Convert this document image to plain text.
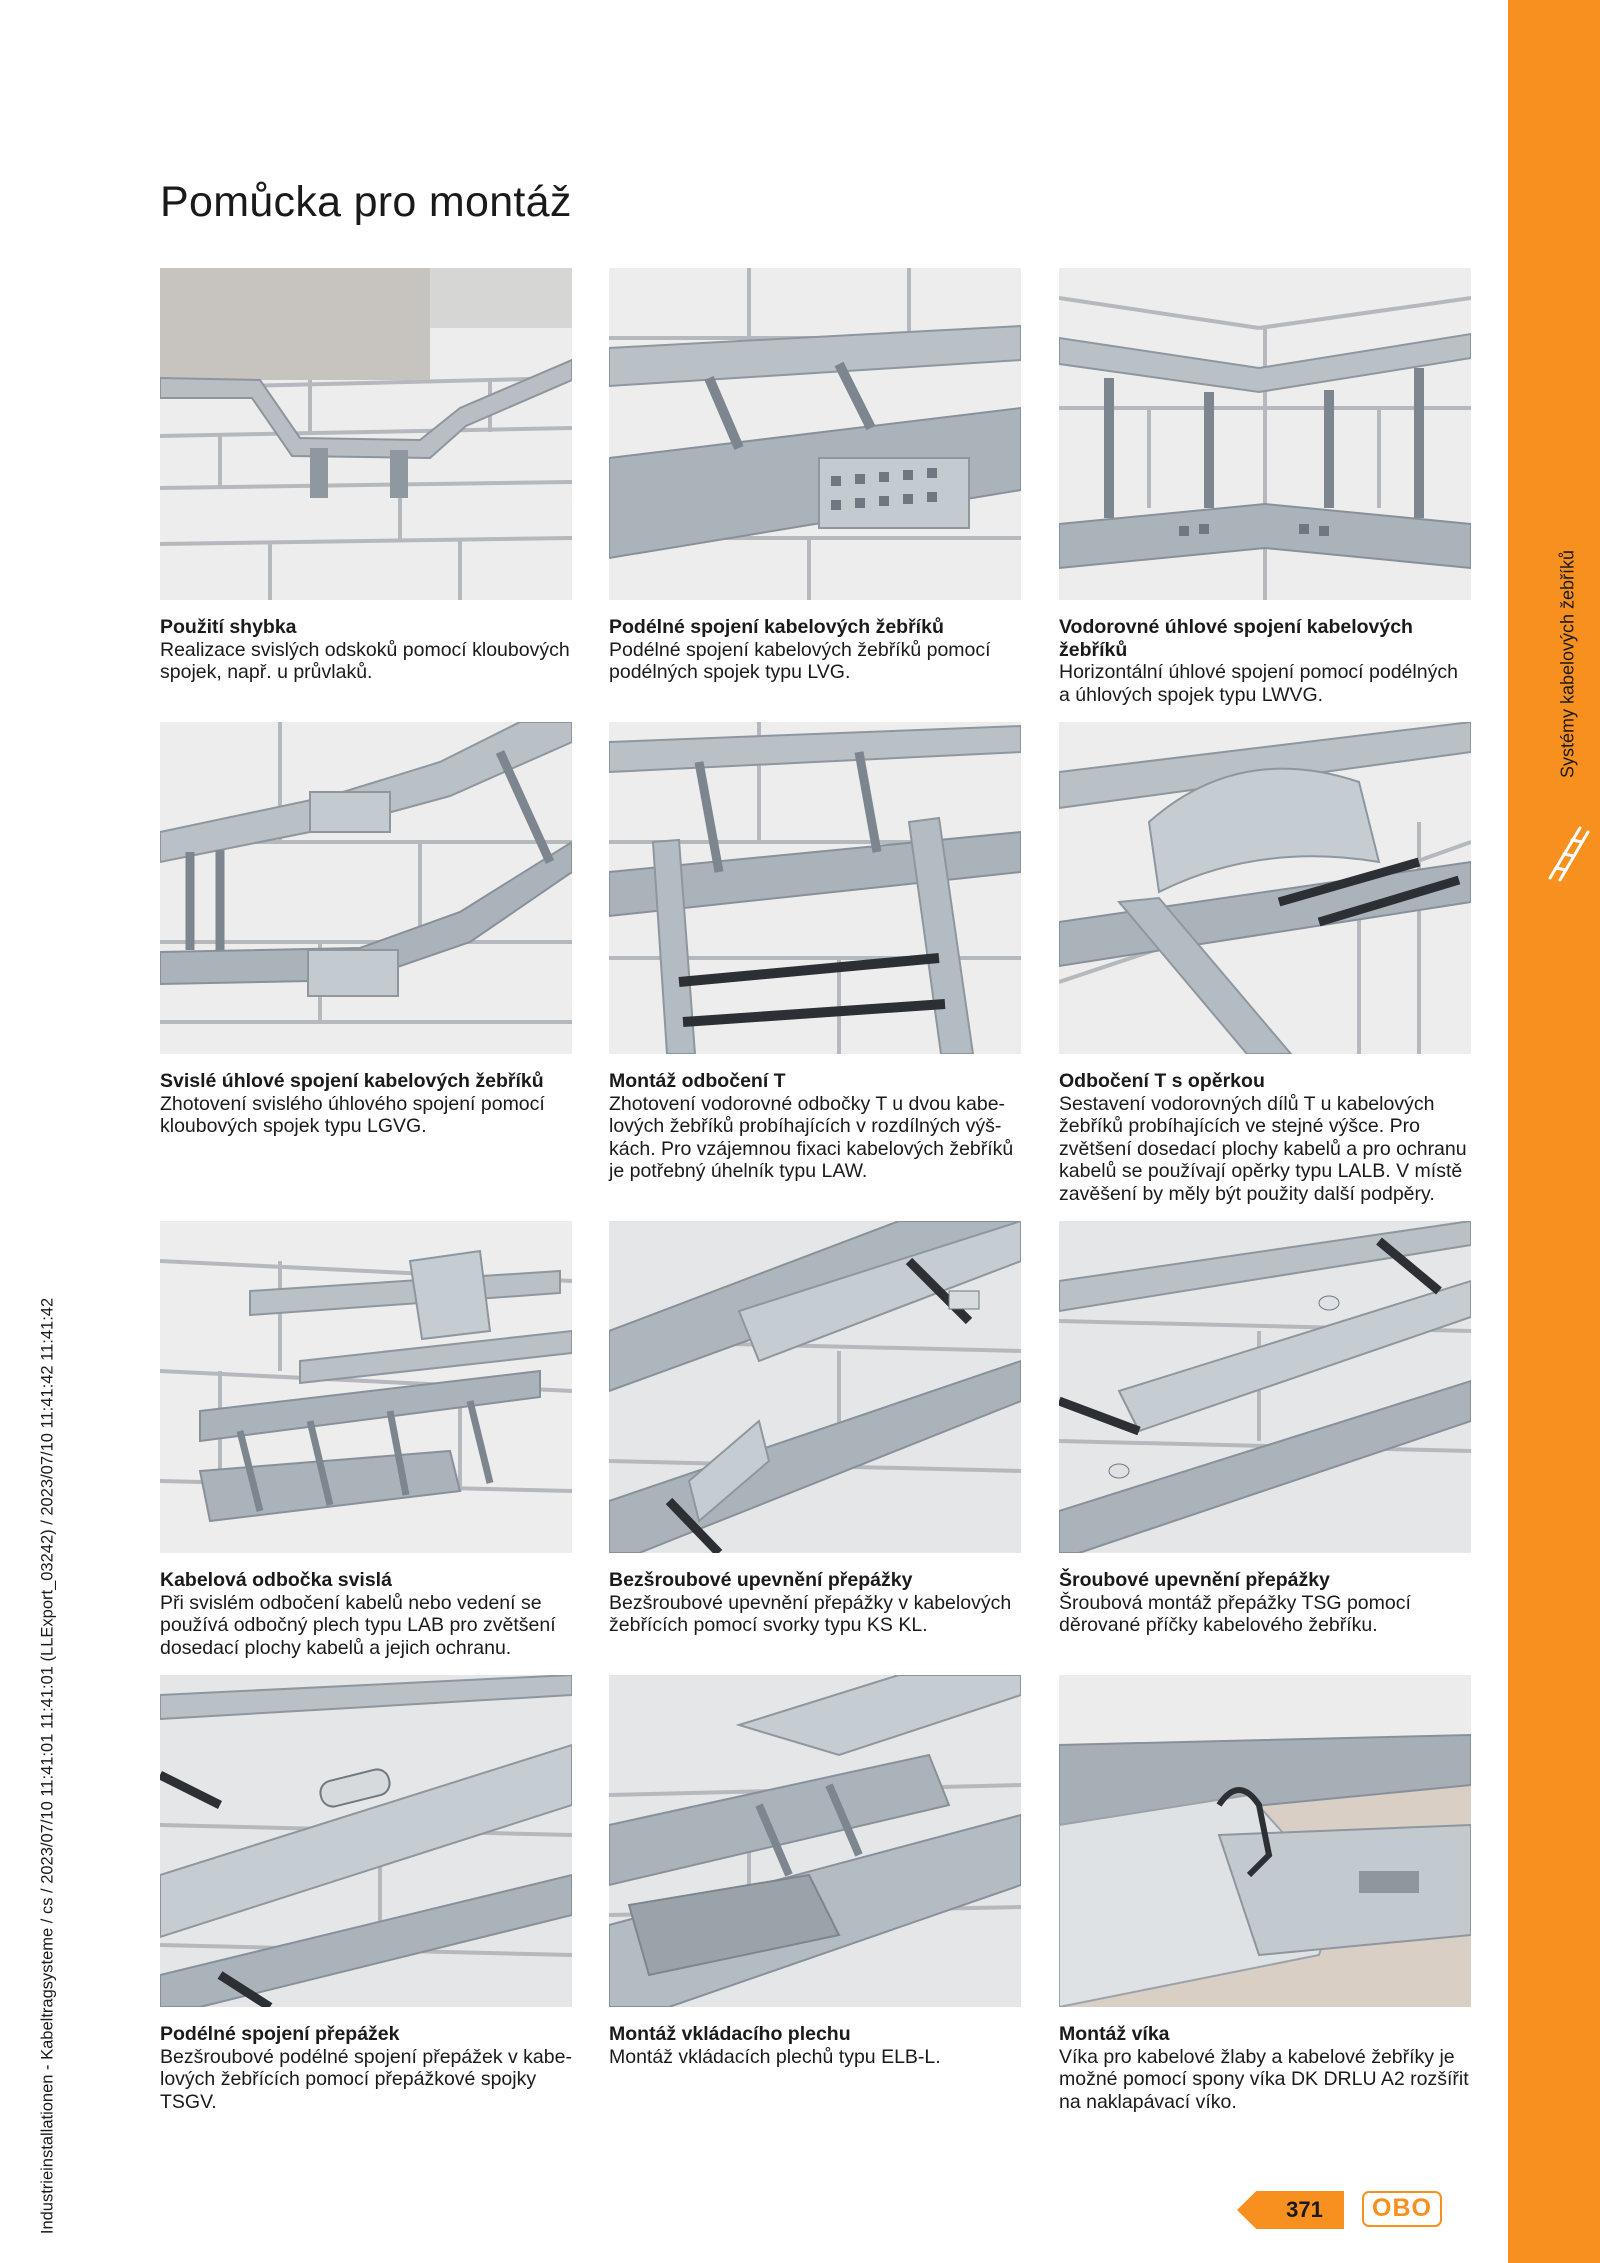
Systémy kabelových žebříků
Industrieinstallationen - Kabeltragsysteme / cs / 2023/07/10 11:41:01 11:41:01 (LLExport_03242) / 2023/07/10 11:41:42 11:41:42
Pomůcka pro montáž
Použití shybka
Realizace svislých odskoků pomocí kloubových
spojek, např. u průvlaků.
Podélné spojení kabelových žebříků
Podélné spojení kabelových žebříků pomocí
podélných spojek typu LVG.
Vodorovné úhlové spojení kabelových žebříků
Horizontální úhlové spojení pomocí podélných
a úhlových spojek typu LWVG.
Svislé úhlové spojení kabelových žebříků
Zhotovení svislého úhlového spojení pomocí
kloubových spojek typu LGVG.
Montáž odbočení T
Zhotovení vodorovné odbočky T u dvou kabe-
lových žebříků probíhajících v rozdílných výš-
kách. Pro vzájemnou fixaci kabelových žebříků
je potřebný úhelník typu LAW.
Odbočení T s opěrkou
Sestavení vodorovných dílů T u kabelových
žebříků probíhajících ve stejné výšce. Pro
zvětšení dosedací plochy kabelů a pro ochranu
kabelů se používají opěrky typu LALB. V místě
zavěšení by měly být použity další podpěry.
Kabelová odbočka svislá
Při svislém odbočení kabelů nebo vedení se
používá odbočný plech typu LAB pro zvětšení
dosedací plochy kabelů a jejich ochranu.
Bezšroubové upevnění přepážky
Bezšroubové upevnění přepážky v kabelových
žebřících pomocí svorky typu KS KL.
Šroubové upevnění přepážky
Šroubová montáž přepážky TSG pomocí
děrované příčky kabelového žebříku.
Podélné spojení přepážek
Bezšroubové podélné spojení přepážek v kabe-
lových žebřících pomocí přepážkové spojky
TSGV.
Montáž vkládacího plechu
Montáž vkládacích plechů typu ELB-L.
Montáž víka
Víka pro kabelové žlaby a kabelové žebříky je
možné pomocí spony víka DK DRLU A2 rozšířit
na naklapávací víko.
371	OBO
